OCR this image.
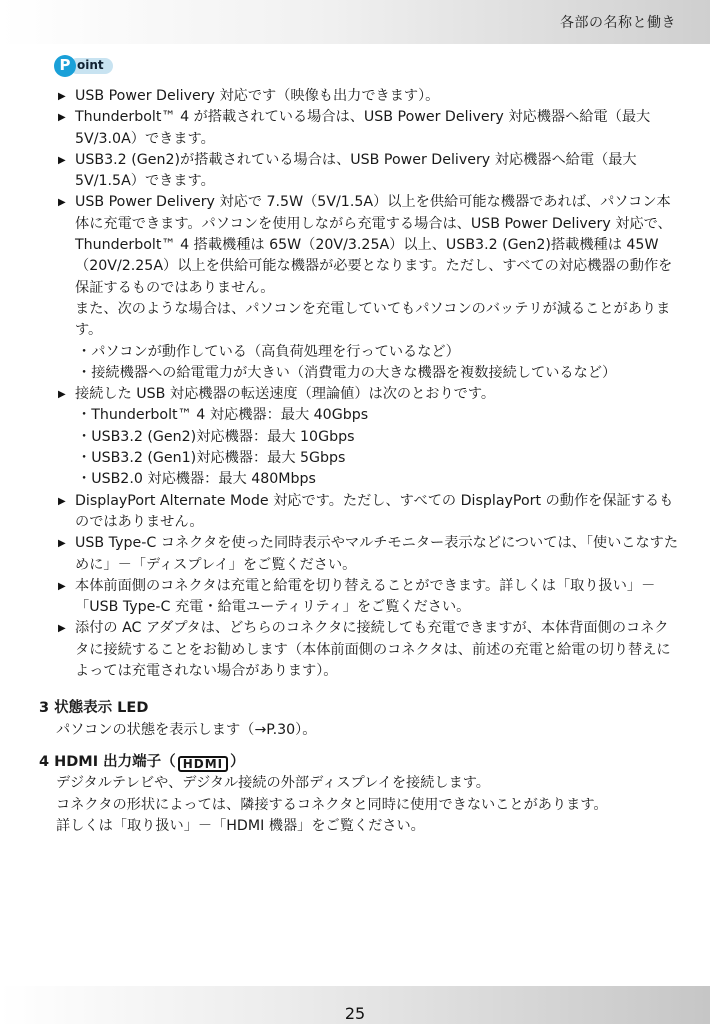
各部の名称と働き
oint
P
▶ USB Power Delivery 対応です（映像も出力できます）。
▶ Thunderbolt™ 4 が搭載されている場合は、USB Power Delivery 対応機器へ給電（最大 5V/3.0A）できます。
▶ USB3.2 (Gen2)が搭載されている場合は、USB Power Delivery 対応機器へ給電（最大 5V/1.5A）できます。
▶ USB Power Delivery 対応で 7.5W（5V/1.5A）以上を供給可能な機器であれば、パソコン本体に充電できます。パソコンを使用しながら充電する場合は、USB Power Delivery 対応で、Thunderbolt™ 4 搭載機種は 65W（20V/3.25A）以上、USB3.2 (Gen2)搭載機種は 45W（20V/2.25A）以上を供給可能な機器が必要となります。ただし、すべての対応機器の動作を保証するものではありません。
また、次のような場合は、パソコンを充電していてもパソコンのバッテリが減ることがあります。
・パソコンが動作している（高負荷処理を行っているなど）
・接続機器への給電電力が大きい（消費電力の大きな機器を複数接続しているなど）
▶ 接続した USB 対応機器の転送速度（理論値）は次のとおりです。
・Thunderbolt™ 4 対応機器：最大 40Gbps
・USB3.2 (Gen2)対応機器：最大 10Gbps
・USB3.2 (Gen1)対応機器：最大 5Gbps
・USB2.0 対応機器：最大 480Mbps
▶ DisplayPort Alternate Mode 対応です。ただし、すべての DisplayPort の動作を保証するものではありません。
▶ USB Type-C コネクタを使った同時表示やマルチモニター表示などについては、「使いこなすために」－「ディスプレイ」をご覧ください。
▶ 本体前面側のコネクタは充電と給電を切り替えることができます。詳しくは「取り扱い」－「USB Type-C 充電・給電ユーティリティ」をご覧ください。
▶ 添付の AC アダプタは、どちらのコネクタに接続しても充電できますが、本体背面側のコネクタに接続することをお勧めします（本体前面側のコネクタは、前述の充電と給電の切り替えによっては充電されない場合があります）。
3 状態表示 LED
パソコンの状態を表示します（→P.30）。
4 HDMI 出力端子（ HDMI ）
デジタルテレビや、デジタル接続の外部ディスプレイを接続します。
コネクタの形状によっては、隣接するコネクタと同時に使用できないことがあります。
詳しくは「取り扱い」－「HDMI 機器」をご覧ください。
25
